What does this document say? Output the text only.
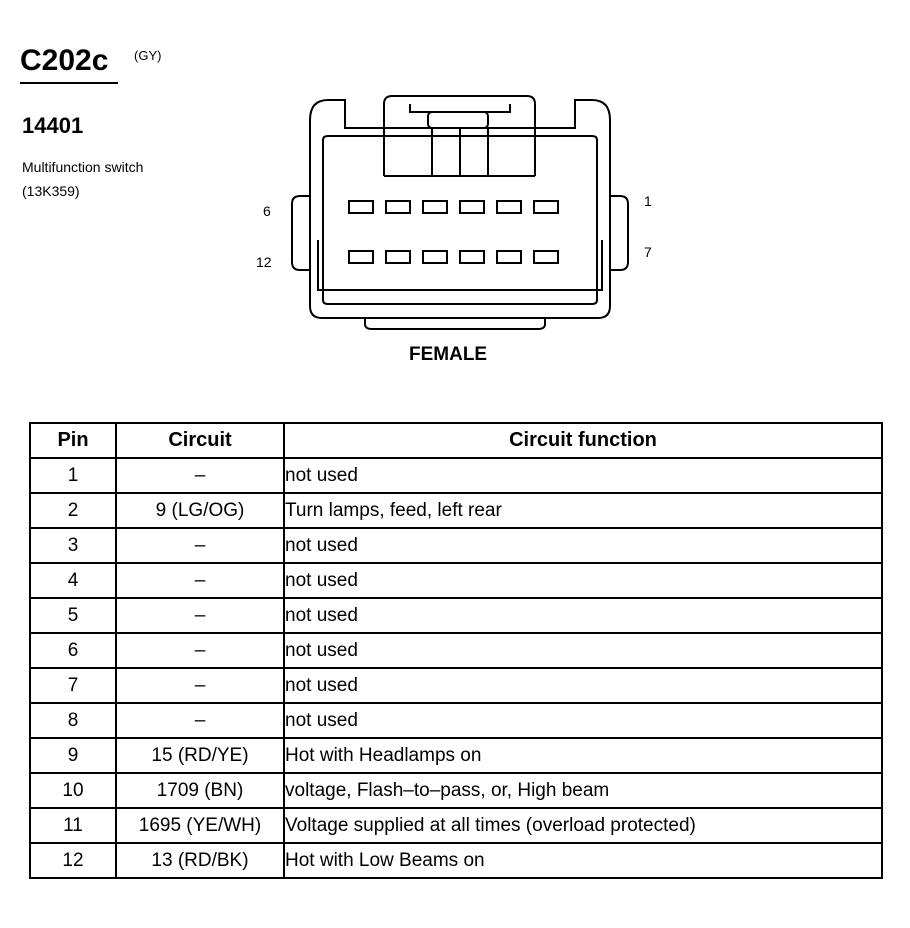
C202c (GY)
14401
Multifunction switch
(13K359)
6
12
1
7
FEMALE
Pin	Circuit	Circuit function
1	–	not used
2	9 (LG/OG)	Turn lamps, feed, left rear
3	–	not used
4	–	not used
5	–	not used
6	–	not used
7	–	not used
8	–	not used
9	15 (RD/YE)	Hot with Headlamps on
10	1709 (BN)	voltage, Flash–to–pass, or, High beam
11	1695 (YE/WH)	Voltage supplied at all times (overload protected)
12	13 (RD/BK)	Hot with Low Beams on
